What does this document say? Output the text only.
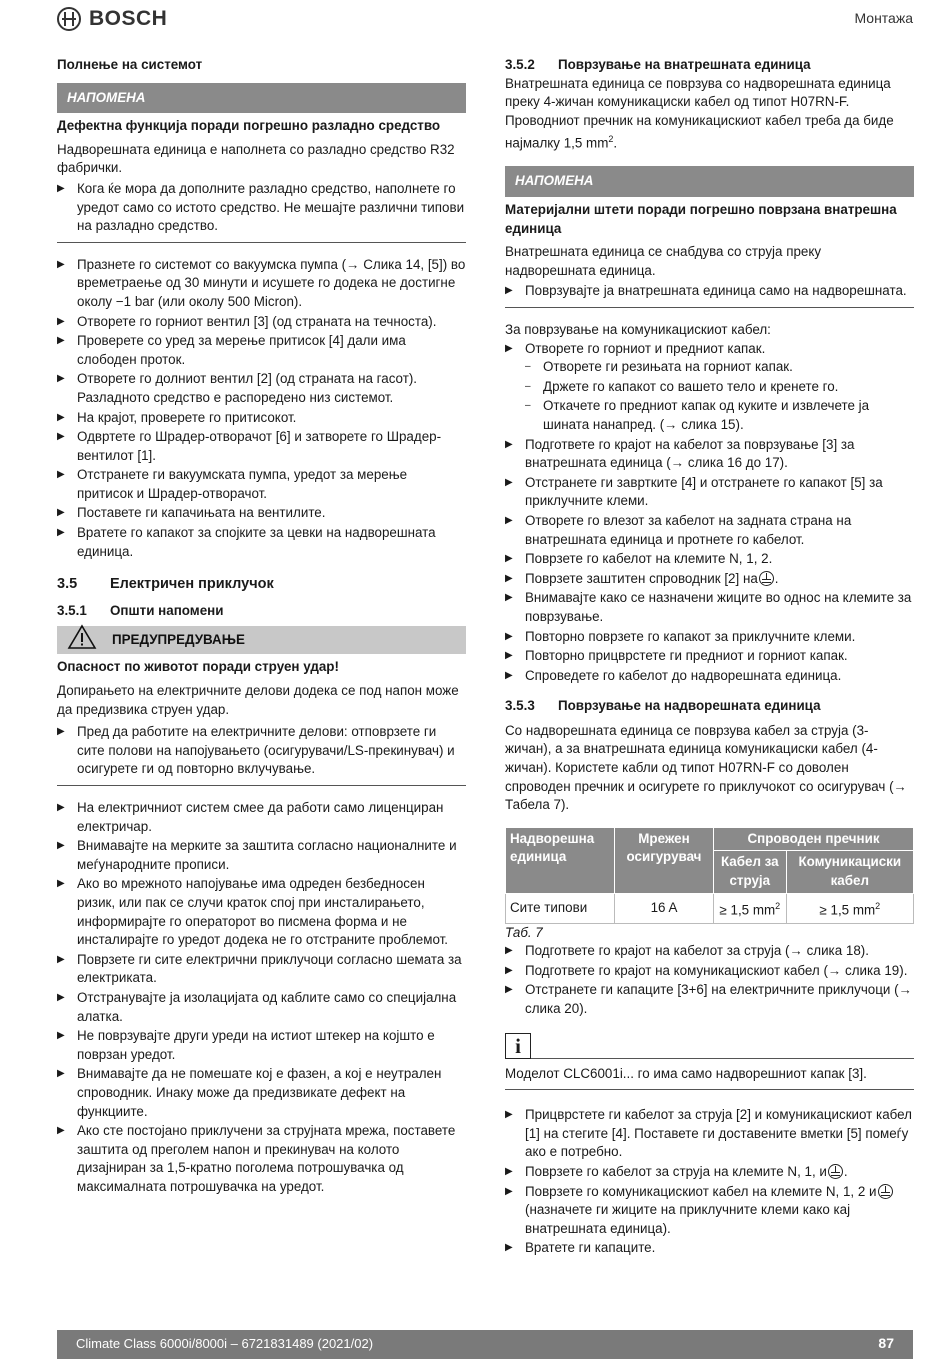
BOSCH	Монтажа

Полнење на системот

НАПОМЕНА

Дефектна функција поради погрешно разладно средство

Надворешната единица е наполнета со разладно средство R32 фабрички.

▶ Кога ќе мора да дополните разладно средство, наполнете го уредот само со истото средство. Не мешајте различни типови на разладно средство.
▶ Празнете го системот со вакуумска пумпа (→ Слика 14, [5]) во времетраење од 30 минути и исушете го додека не достигне околу −1 bar (или околу 500 Micron).
▶ Отворете го горниот вентил [3] (од страната на течноста).
▶ Проверете со уред за мерење притисок [4] дали има слободен проток.
▶ Отворете го долниот вентил [2] (од страната на гасот). Разладното средство е распоредено низ системот.
▶ На крајот, проверете го притисокот.
▶ Одвртете го Шрадер-отворачот [6] и затворете го Шрадер-вентилот [1].
▶ Отстранете ги вакуумската пумпа, уредот за мерење притисок и Шрадер-отворачот.
▶ Поставете ги капачињата на вентилите.
▶ Вратете го капакот за спојките за цевки на надворешната единица.
3.5 Електричен приклучок
3.5.1 Општи напомени
ПРЕДУПРЕДУВАЊЕ

Опасност по животот поради струен удар!

Допирањето на електричните делови додека се под напон може да предизвика струен удар.

▶ Пред да работите на електричните делови: отповрзете ги сите полови на напојувањето (осигурувачи/LS-прекинувач) и осигурете ги од повторно вклучување.
▶ На електричниот систем смее да работи само лиценциран електричар.
▶ Внимавајте на мерките за заштита согласно националните и меѓународните прописи.
▶ Ако во мрежното напојување има одреден безбедносен ризик, или пак се случи краток спој при инсталирањето, информирајте го операторот во писмена форма и не инсталирајте го уредот додека не го отстраните проблемот.
▶ Поврзете ги сите електрични приклучоци согласно шемата за електриката.
▶ Отстранувајте ја изолацијата од каблите само со специјална алатка.
▶ Не поврзувајте други уреди на истиот штекер на којшто е поврзан уредот.
▶ Внимавајте да не помешате кој е фазен, а кој е неутрален спроводник. Инаку може да предизвикате дефект на функциите.
▶ Ако сте постојано приклучени за струјната мрежа, поставете заштита од преголем напон и прекинувач на колото дизајниран за 1,5-кратно поголема потрошувачка од максималната потрошувачка на уредот.

3.5.2 Поврзување на внатрешната единица

Внатрешната единица се поврзува со надворешната единица преку 4-жичан комуникациски кабел од типот H07RN-F. Проводниот пречник на комуникацискиот кабел треба да биде најмалку 1,5 $mm^2$.

НАПОМЕНА

Материјални штети поради погрешно поврзана внатрешна единица

Внатрешната единица се снабдува со струја преку надворешната единица.

▶ Поврзувајте ја внатрешната единица само на надворешната.

За поврзување на комуникацискиот кабел:

▶ Отворете го горниот и предниот капак.
– Отворете ги резињата на горниот капак.
– Држете го капакот со вашето тело и кренете го.
– Откачете го предниот капак од куките и извлечете ја шината нанапред. (→ слика 15).
▶ Подгответе го крајот на кабелот за поврзување [3] за внатрешната единица (→ слика 16 до 17).
▶ Отстранете ги завртките [4] и отстранете го капакот [5] за приклучните клеми.
▶ Отворете го влезот за кабелот на задната страна на внатрешната единица и протнете го кабелот.
▶ Поврзете го кабелот на клемите N, 1, 2.
▶ Поврзете заштитен спроводник [2] на .
▶ Внимавајте како се назначени жиците во однос на клемите за поврзување.
▶ Повторно поврзете го капакот за приклучните клеми.
▶ Повторно прицврстете ги предниот и горниот капак.
▶ Спроведете го кабелот до надворешната единица.
3.5.3 Поврзување на надворешната единица

Со надворешната единица се поврзува кабел за струја (3-жичан), а за внатрешната единица комуникациски кабел (4-жичан). Користете кабли од типот H07RN-F со доволен спроводен пречник и осигурете го приклучокот со осигурувач (→ Табела 7).

Надворешна единица	Мрежен осигурувач	Спроводен пречник	
		Кабел за струја	Комуникациски кабел
Сите типови	16 A	≥ 1,5 $mm^2$	≥ 1,5 $mm^2$

Таб. 7

▶ Подгответе го крајот на кабелот за струја (→ слика 18).
▶ Подгответе го крајот на комуникацискиот кабел (→ слика 19).
▶ Отстранете ги капаците [3+6] на електричните приклучоци (→ слика 20).
i

Моделот CLC6001i... го има само надворешниот капак [3].

▶ Прицврстете ги кабелот за струја [2] и комуникацискиот кабел [1] на стегите [4]. Поставете ги доставените вметки [5] помеѓу ако е потребно.
▶ Поврзете го кабелот за струја на клемите N, 1, и .
▶ Поврзете го комуникацискиот кабел на клемите N, 1, 2 и (назначете ги жиците на приклучните клеми како кај внатрешната единица).
▶ Вратете ги капаците.
Climate Class 6000i/8000i – 6721831489 (2021/02)	87
